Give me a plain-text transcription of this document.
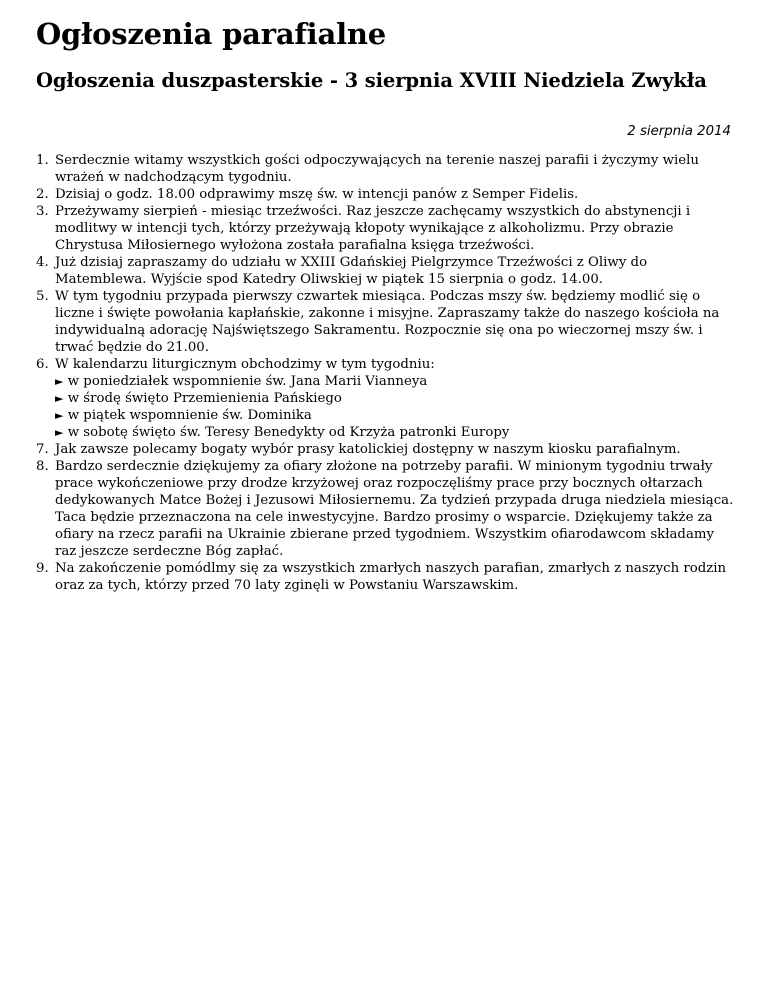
Ogłoszenia parafialne
Ogłoszenia duszpasterskie - 3 sierpnia XVIII Niedziela Zwykła
2 sierpnia 2014
1. Serdecznie witamy wszystkich gości odpoczywających na terenie naszej parafii i życzymy wielu wrażeń w nadchodzącym tygodniu.
2. Dzisiaj o godz. 18.00 odprawimy mszę św. w intencji panów z Semper Fidelis.
3. Przeżywamy sierpień - miesiąc trzeźwości. Raz jeszcze zachęcamy wszystkich do abstynencji i modlitwy w intencji tych, którzy przeżywają kłopoty wynikające z alkoholizmu. Przy obrazie Chrystusa Miłosiernego wyłożona została parafialna księga trzeźwości.
4. Już dzisiaj zapraszamy do udziału w XXIII Gdańskiej Pielgrzymce Trzeźwości z Oliwy do Matemblewa. Wyjście spod Katedry Oliwskiej w piątek 15 sierpnia o godz. 14.00.
5. W tym tygodniu przypada pierwszy czwartek miesiąca. Podczas mszy św. będziemy modlić się o liczne i święte powołania kapłańskie, zakonne i misyjne. Zapraszamy także do naszego kościoła na indywidualną adorację Najświętszego Sakramentu. Rozpocznie się ona po wieczornej mszy św. i trwać będzie do 21.00.
6. W kalendarzu liturgicznym obchodzimy w tym tygodniu:
► w poniedziałek wspomnienie św. Jana Marii Vianneya
► w środę święto Przemienienia Pańskiego
► w piątek wspomnienie św. Dominika
► w sobotę święto św. Teresy Benedykty od Krzyża patronki Europy
7. Jak zawsze polecamy bogaty wybór prasy katolickiej dostępny w naszym kiosku parafialnym.
8. Bardzo serdecznie dziękujemy za ofiary złożone na potrzeby parafii. W minionym tygodniu trwały prace wykończeniowe przy drodze krzyżowej oraz rozpoczęliśmy prace przy bocznych ołtarzach dedykowanych Matce Bożej i Jezusowi Miłosiernemu. Za tydzień przypada druga niedziela miesiąca. Taca będzie przeznaczona na cele inwestycyjne. Bardzo prosimy o wsparcie. Dziękujemy także za ofiary na rzecz parafii na Ukrainie zbierane przed tygodniem. Wszystkim ofiarodawcom składamy raz jeszcze serdeczne Bóg zapłać.
9. Na zakończenie pomódlmy się za wszystkich zmarłych naszych parafian, zmarłych z naszych rodzin oraz za tych, którzy przed 70 laty zginęli w Powstaniu Warszawskim.
